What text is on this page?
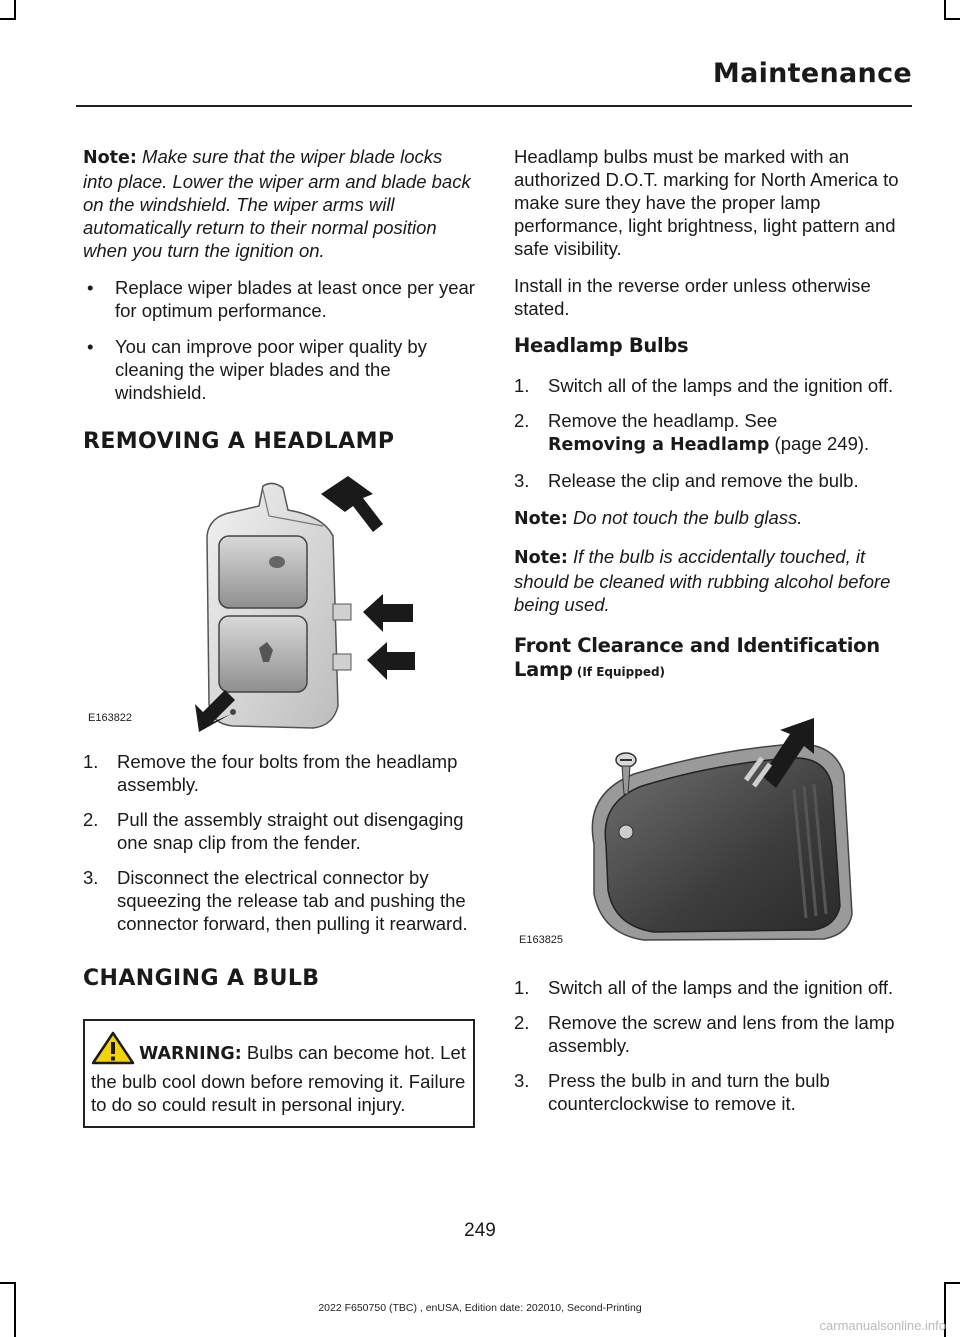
Maintenance

Note: Make sure that the wiper blade locks into place. Lower the wiper arm and blade back on the windshield. The wiper arms will automatically return to their normal position when you turn the ignition on.

• Replace wiper blades at least once per year for optimum performance.
• You can improve poor wiper quality by cleaning the wiper blades and the windshield.
REMOVING A HEADLAMP
E163822
1. Remove the four bolts from the headlamp assembly.
2. Pull the assembly straight out disengaging one snap clip from the fender.
3. Disconnect the electrical connector by squeezing the release tab and pushing the connector forward, then pulling it rearward.
CHANGING A BULB
WARNING: Bulbs can become hot. Let the bulb cool down before removing it. Failure to do so could result in personal injury.

Headlamp bulbs must be marked with an authorized D.O.T. marking for North America to make sure they have the proper lamp performance, light brightness, light pattern and safe visibility.

Install in the reverse order unless otherwise stated.

Headlamp Bulbs
1. Switch all of the lamps and the ignition off.
2. Remove the headlamp. See
Removing a Headlamp (page 249).
3. Release the clip and remove the bulb.

Note: Do not touch the bulb glass.

Note: If the bulb is accidentally touched, it should be cleaned with rubbing alcohol before being used.

Front Clearance and Identification Lamp (If Equipped)
E163825
1. Switch all of the lamps and the ignition off.
2. Remove the screw and lens from the lamp assembly.
3. Press the bulb in and turn the bulb counterclockwise to remove it.
249
2022 F650750 (TBC) , enUSA, Edition date: 202010, Second-Printing
carmanualsonline.info
